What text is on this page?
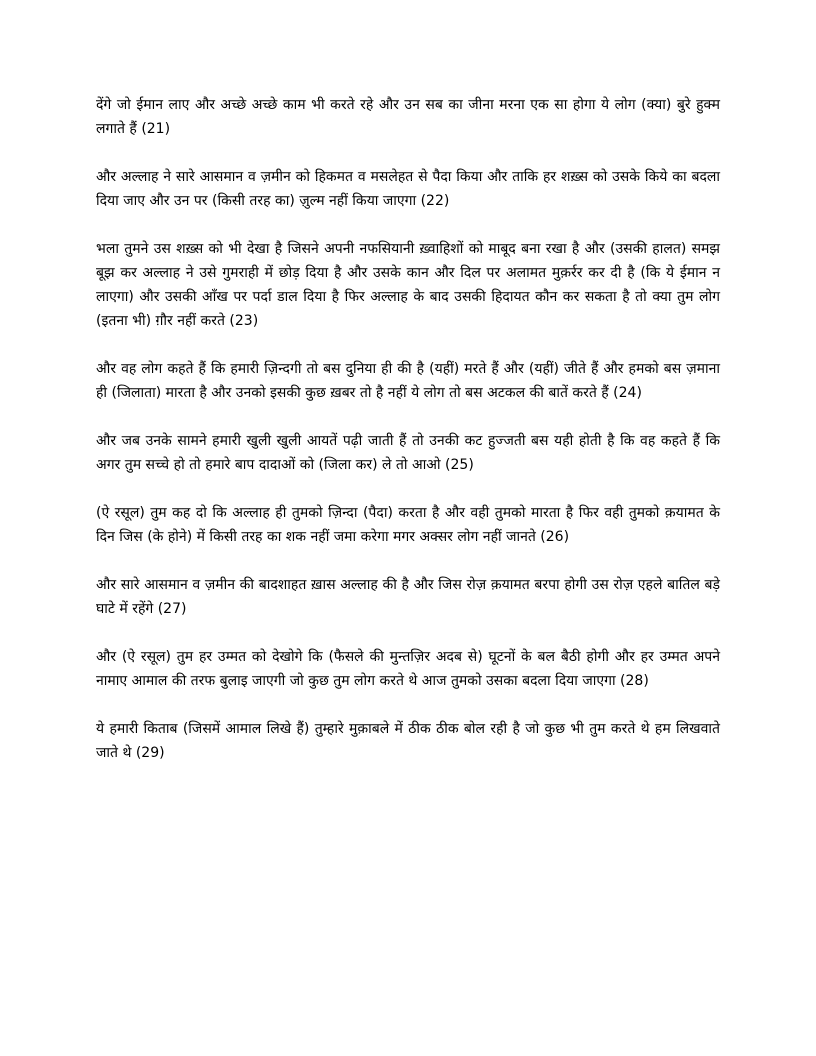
देंगे जो ईमान लाए और अच्छे अच्छे काम भी करते रहे और उन सब का जीना मरना एक सा होगा ये लोग (क्या) बुरे हुक्म लगाते हैं (21)

और अल्लाह ने सारे आसमान व ज़मीन को हिकमत व मसलेहत से पैदा किया और ताकि हर शख़्स को उसके किये का बदला दिया जाए और उन पर (किसी तरह का) ज़ुल्म नहीं किया जाएगा (22)

भला तुमने उस शख़्स को भी देखा है जिसने अपनी नफसियानी ख़्वाहिशों को माबूद बना रखा है और (उसकी हालत) समझ बूझ कर अल्लाह ने उसे गुमराही में छोड़ दिया है और उसके कान और दिल पर अलामत मुक़र्रर कर दी है (कि ये ईमान न लाएगा) और उसकी आँख पर पर्दा डाल दिया है फिर अल्लाह के बाद उसकी हिदायत कौन कर सकता है तो क्या तुम लोग (इतना भी) ग़ौर नहीं करते (23)

और वह लोग कहते हैं कि हमारी ज़िन्दगी तो बस दुनिया ही की है (यहीं) मरते हैं और (यहीं) जीते हैं और हमको बस ज़माना ही (जिलाता) मारता है और उनको इसकी कुछ ख़बर तो है नहीं ये लोग तो बस अटकल की बातें करते हैं (24)

और जब उनके सामने हमारी खुली खुली आयतें पढ़ी जाती हैं तो उनकी कट हुज्जती बस यही होती है कि वह कहते हैं कि अगर तुम सच्चे हो तो हमारे बाप दादाओं को (जिला कर) ले तो आओ (25)

(ऐ रसूल) तुम कह दो कि अल्लाह ही तुमको ज़िन्दा (पैदा) करता है और वही तुमको मारता है फिर वही तुमको क़यामत के दिन जिस (के होने) में किसी तरह का शक नहीं जमा करेगा मगर अक्सर लोग नहीं जानते (26)

और सारे आसमान व ज़मीन की बादशाहत ख़ास अल्लाह की है और जिस रोज़ क़यामत बरपा होगी उस रोज़ एहले बातिल बड़े घाटे में रहेंगे (27)

और (ऐ रसूल) तुम हर उम्मत को देखोगे कि (फैसले की मुन्तज़िर अदब से) घूटनों के बल बैठी होगी और हर उम्मत अपने नामाए आमाल की तरफ बुलाइ जाएगी जो कुछ तुम लोग करते थे आज तुमको उसका बदला दिया जाएगा (28)

ये हमारी किताब (जिसमें आमाल लिखे हैं) तुम्हारे मुक़ाबले में ठीक ठीक बोल रही है जो कुछ भी तुम करते थे हम लिखवाते जाते थे (29)
